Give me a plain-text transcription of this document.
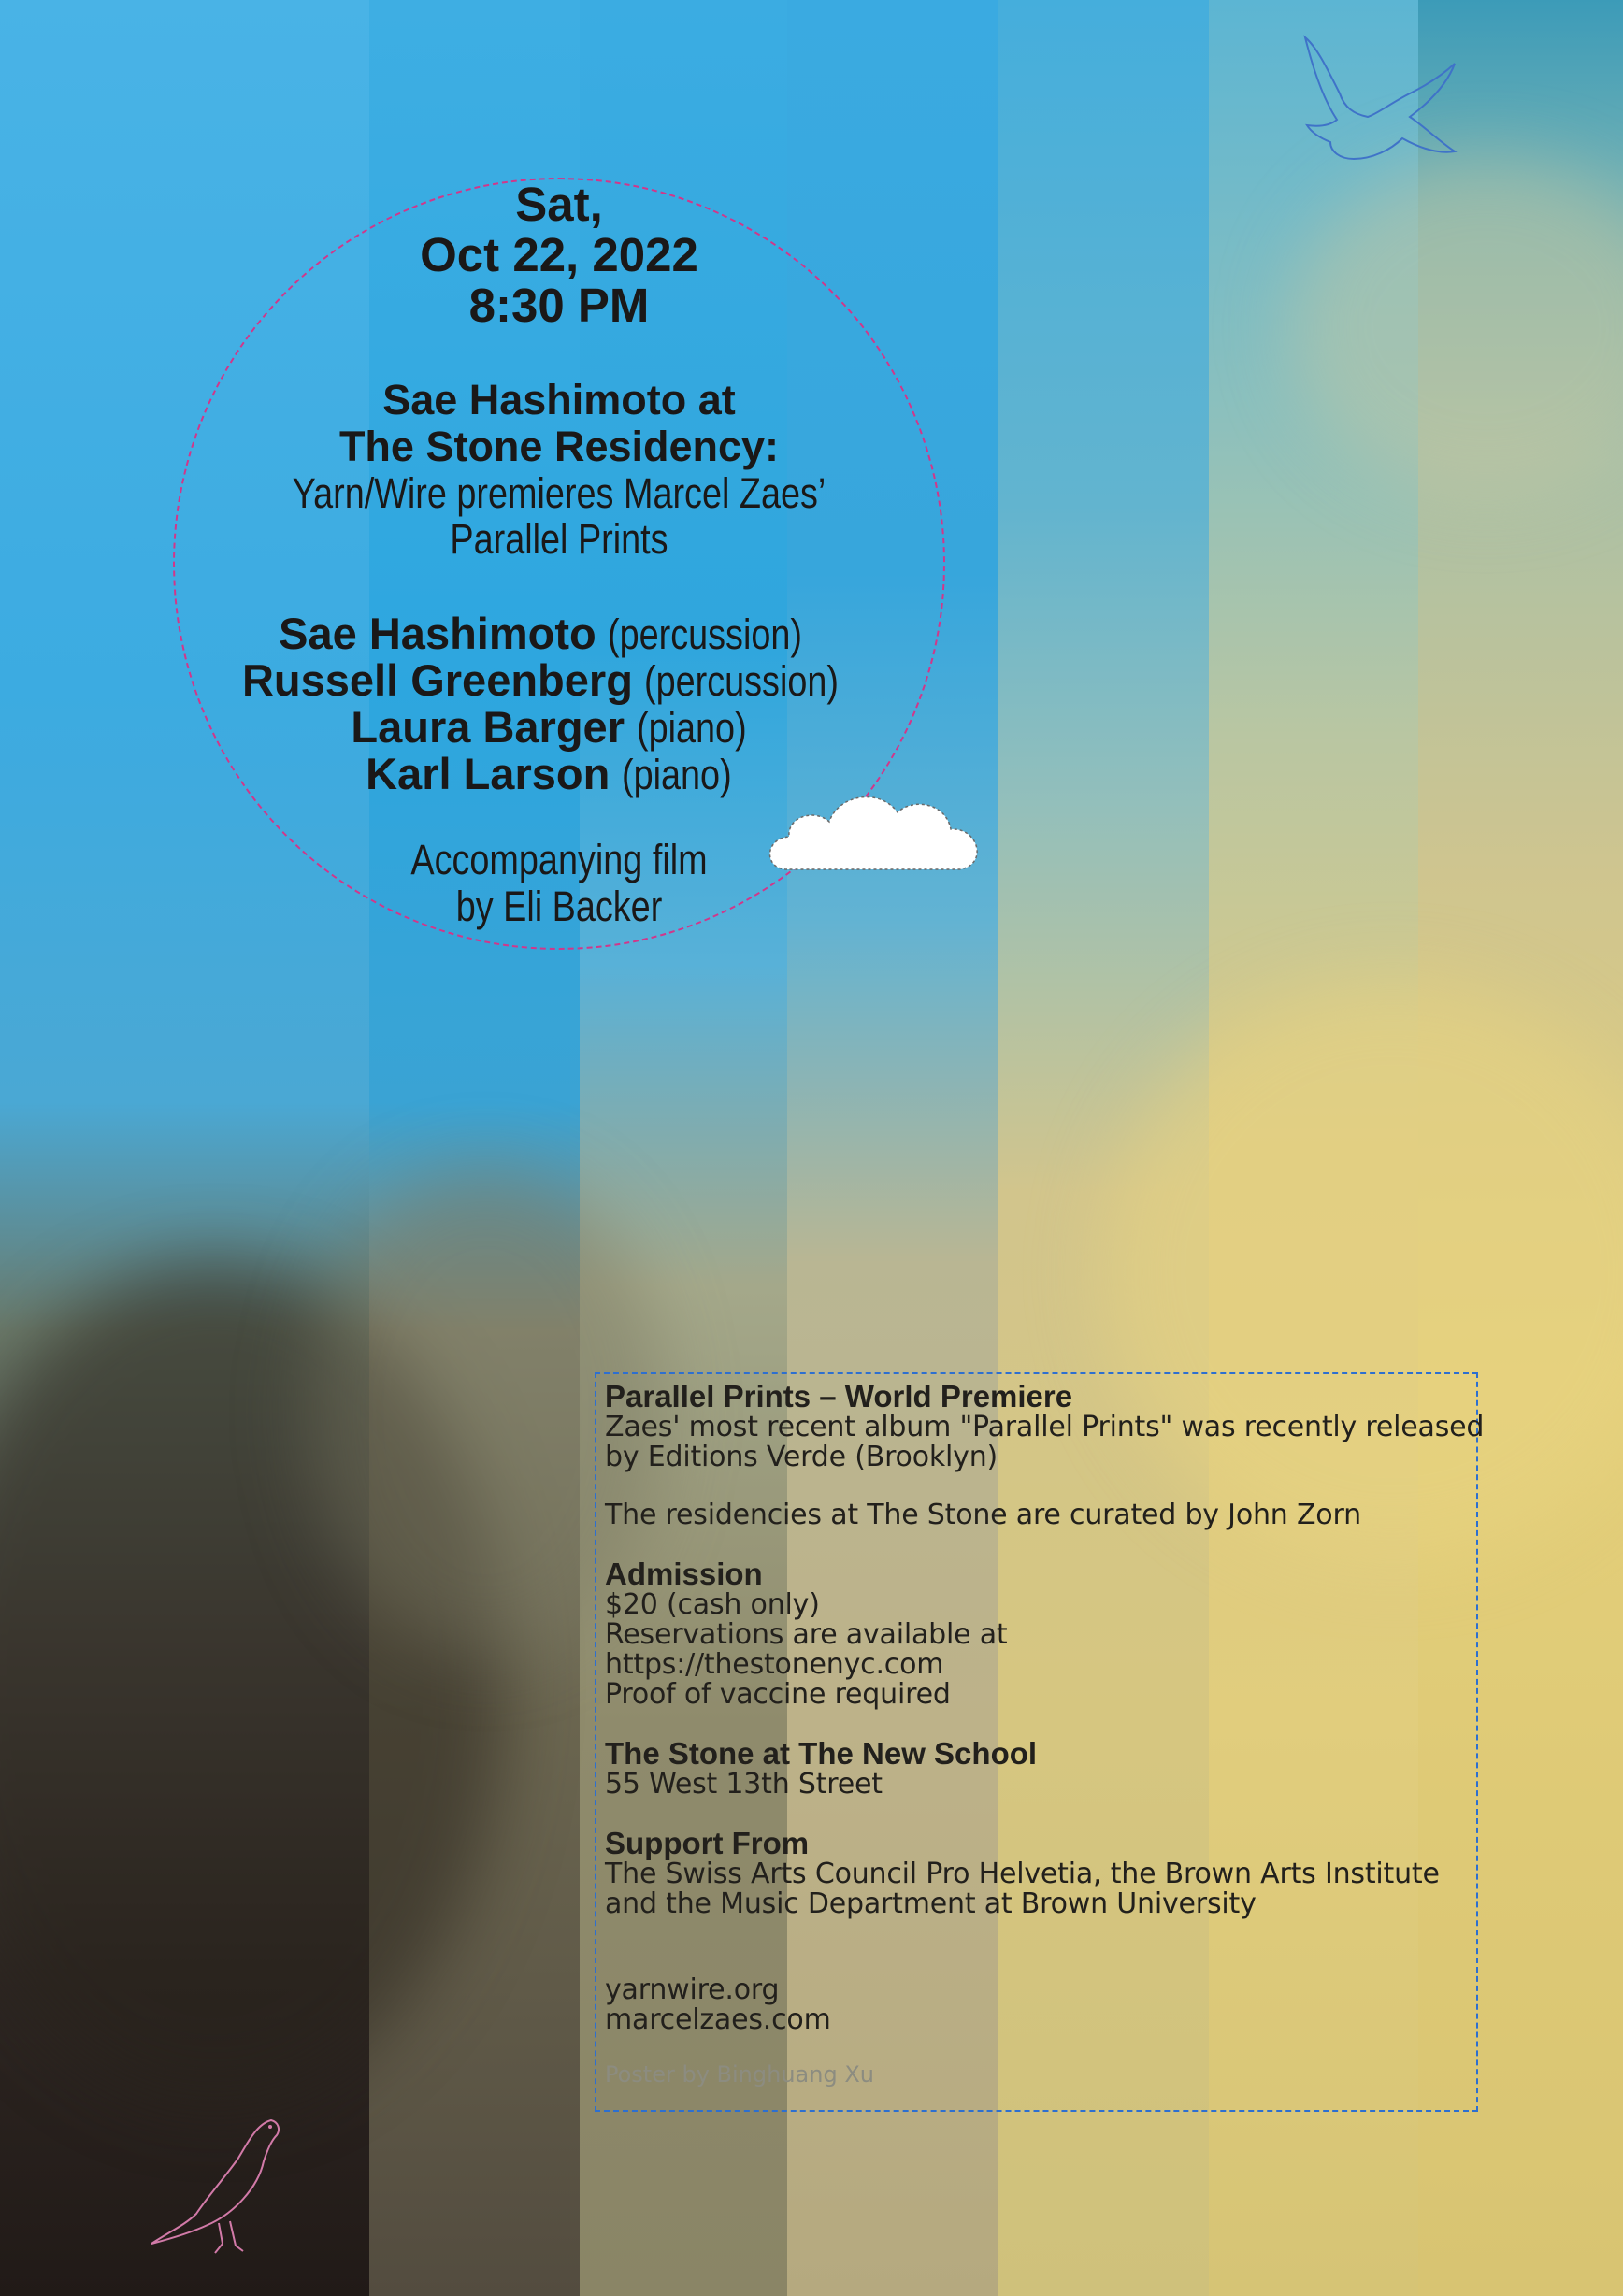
Sat,
Oct 22, 2022
8:30 PM
Sae Hashimoto at
The Stone Residency:
Yarn/Wire premieres Marcel Zaes’
Parallel Prints
Sae Hashimoto (percussion)
Russell Greenberg (percussion)
Laura Barger (piano)
Karl Larson (piano)
Accompanying film
by Eli Backer
Parallel Prints – World Premiere
Zaes' most recent album "Parallel Prints" was recently released
by Editions Verde (Brooklyn)
The residencies at The Stone are curated by John Zorn
Admission
$20 (cash only)
Reservations are available at
https://thestonenyc.com
Proof of vaccine required
The Stone at The New School
55 West 13th Street
Support From
The Swiss Arts Council Pro Helvetia, the Brown Arts Institute
and the Music Department at Brown University
yarnwire.org
marcelzaes.com
Poster by Binghuang Xu
